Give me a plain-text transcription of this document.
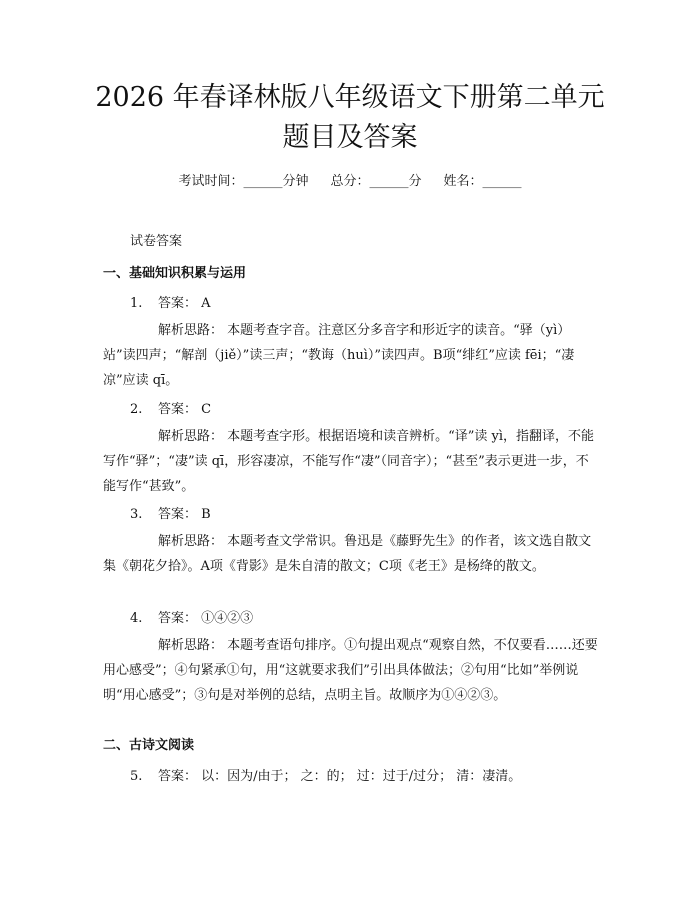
2026 年春译林版八年级语文下册第二单元题目及答案
考试时间：______分钟 总分：______分 姓名：______
试卷答案
一、基础知识积累与运用
1. 答案： A

解析思路： 本题考查字音。注意区分多音字和形近字的读音。“驿（yì）站”读四声；“解剖（jiě）”读三声；“教诲（huì）”读四声。B项“绯红”应读 fēi；“凄凉”应读 qī。

2. 答案： C

解析思路： 本题考查字形。根据语境和读音辨析。“译”读 yì，指翻译，不能写作“驿”；“凄”读 qī，形容凄凉，不能写作“凄”（同音字）；“甚至”表示更进一步，不能写作“甚致”。

3. 答案： B

解析思路： 本题考查文学常识。鲁迅是《藤野先生》的作者，该文选自散文集《朝花夕拾》。A项《背影》是朱自清的散文；C项《老王》是杨绛的散文。

4. 答案： ①④②③

解析思路： 本题考查语句排序。①句提出观点“观察自然，不仅要看……还要用心感受”；④句紧承①句，用“这就要求我们”引出具体做法；②句用“比如”举例说明“用心感受”；③句是对举例的总结，点明主旨。故顺序为①④②③。

二、古诗文阅读
5. 答案： 以：因为/由于； 之：的； 过：过于/过分； 清：凄清。
